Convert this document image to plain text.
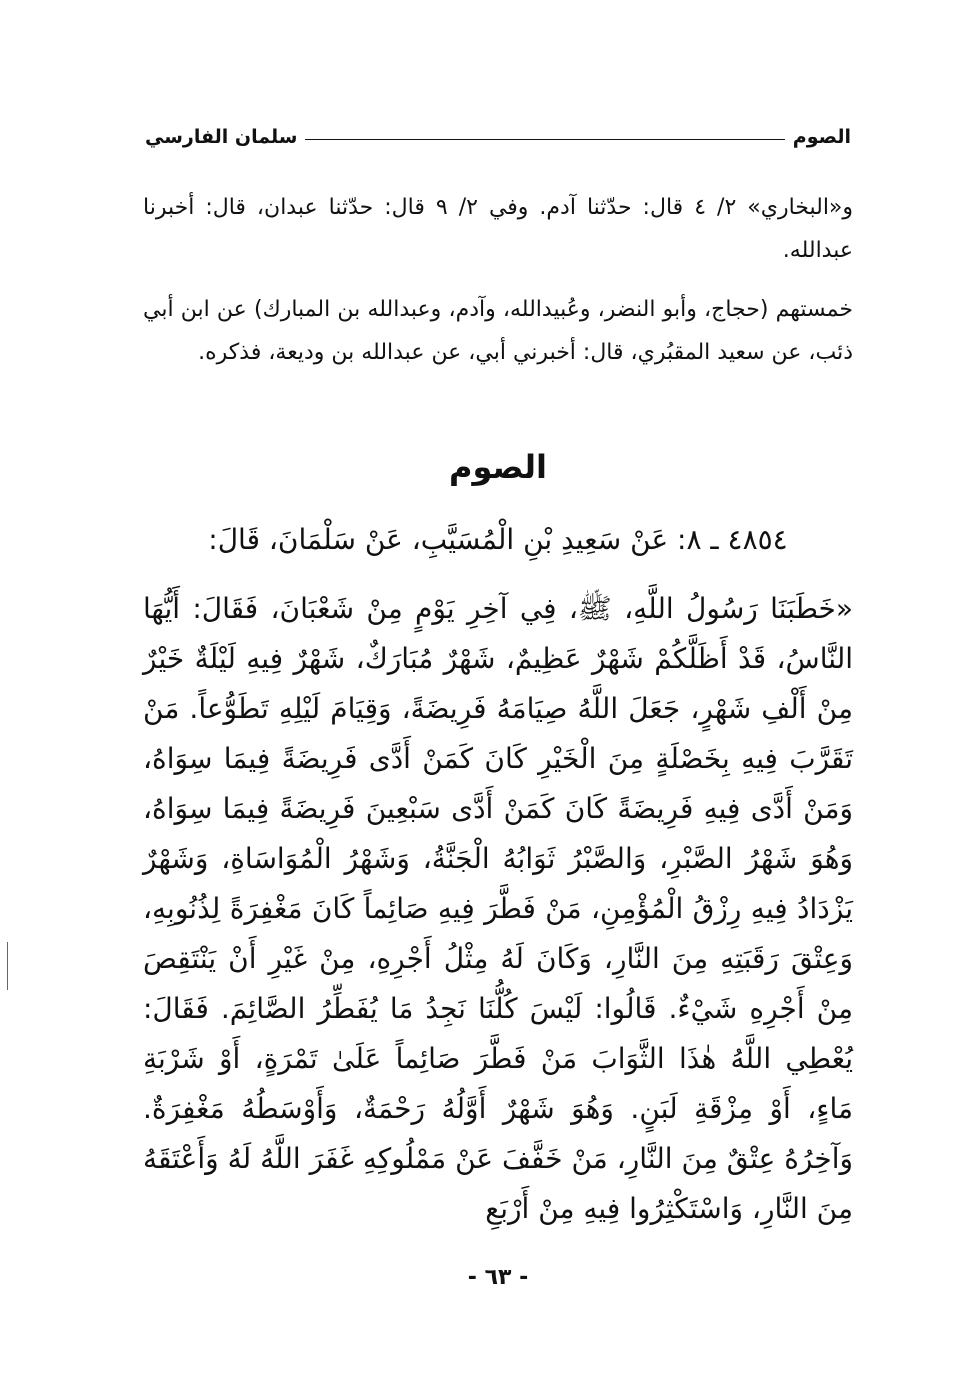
الصوم
سلمان الفارسي
و«البخاري» ٢/ ٤ قال: حدّثنا آدم. وفي ٢/ ٩ قال: حدّثنا عبدان، قال: أخبرنا عبدالله.
خمستهم (حجاج، وأبو النضر، وعُبيدالله، وآدم، وعبدالله بن المبارك) عن ابن أبي ذئب، عن سعيد المقبُري، قال: أخبرني أبي، عن عبدالله بن وديعة، فذكره.
الصوم
٤٨٥٤ ـ ٨: عَنْ سَعِيدِ بْنِ الْمُسَيَّبِ، عَنْ سَلْمَانَ، قَالَ:
«خَطَبَنَا رَسُولُ اللَّهِ، ﷺ، فِي آخِرِ يَوْمٍ مِنْ شَعْبَانَ، فَقَالَ: أَيُّهَا النَّاسُ، قَدْ أَظَلَّكُمْ شَهْرٌ عَظِيمٌ، شَهْرٌ مُبَارَكٌ، شَهْرٌ فِيهِ لَيْلَةٌ خَيْرٌ مِنْ أَلْفِ شَهْرٍ، جَعَلَ اللَّهُ صِيَامَهُ فَرِيضَةً، وَقِيَامَ لَيْلِهِ تَطَوُّعاً. مَنْ تَقَرَّبَ فِيهِ بِخَصْلَةٍ مِنَ الْخَيْرِ كَانَ كَمَنْ أَدَّى فَرِيضَةً فِيمَا سِوَاهُ، وَمَنْ أَدَّى فِيهِ فَرِيضَةً كَانَ كَمَنْ أَدَّى سَبْعِينَ فَرِيضَةً فِيمَا سِوَاهُ، وَهُوَ شَهْرُ الصَّبْرِ، وَالصَّبْرُ ثَوَابُهُ الْجَنَّةُ، وَشَهْرُ الْمُوَاسَاةِ، وَشَهْرٌ يَزْدَادُ فِيهِ رِزْقُ الْمُؤْمِنِ، مَنْ فَطَّرَ فِيهِ صَائِماً كَانَ مَغْفِرَةً لِذُنُوبِهِ، وَعِتْقَ رَقَبَتِهِ مِنَ النَّارِ، وَكَانَ لَهُ مِثْلُ أَجْرِهِ، مِنْ غَيْرِ أَنْ يَنْتَقِصَ مِنْ أَجْرِهِ شَيْءٌ. قَالُوا: لَيْسَ كُلُّنَا نَجِدُ مَا يُفَطِّرُ الصَّائِمَ. فَقَالَ: يُعْطِي اللَّهُ هٰذَا الثَّوَابَ مَنْ فَطَّرَ صَائِماً عَلَىٰ تَمْرَةٍ، أَوْ شَرْبَةِ مَاءٍ، أَوْ مِزْقَةِ لَبَنٍ. وَهُوَ شَهْرٌ أَوَّلُهُ رَحْمَةٌ، وَأَوْسَطُهُ مَغْفِرَةٌ. وَآخِرُهُ عِتْقٌ مِنَ النَّارِ، مَنْ خَفَّفَ عَنْ مَمْلُوكِهِ غَفَرَ اللَّهُ لَهُ وَأَعْتَقَهُ مِنَ النَّارِ، وَاسْتَكْثِرُوا فِيهِ مِنْ أَرْبَعِ
- ٦٣ -
